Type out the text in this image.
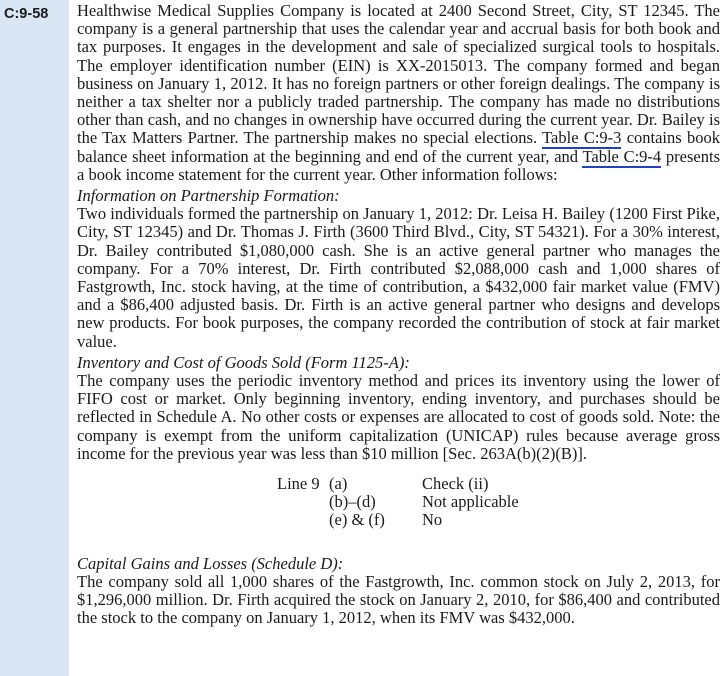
C:9-58 Healthwise Medical Supplies Company is located at 2400 Second Street, City, ST 12345. The company is a general partnership that uses the calendar year and accrual basis for both book and tax purposes. It engages in the development and sale of specialized surgical tools to hospitals. The employer identification number (EIN) is XX-2015013. The company formed and began business on January 1, 2012. It has no foreign partners or other foreign dealings. The company is neither a tax shelter nor a publicly traded partnership. The company has made no distributions other than cash, and no changes in ownership have occurred during the current year. Dr. Bailey is the Tax Matters Partner. The partnership makes no special elections. Table C:9-3 contains book balance sheet information at the beginning and end of the current year, and Table C:9-4 presents a book income statement for the current year. Other information follows:

Information on Partnership Formation:

Two individuals formed the partnership on January 1, 2012: Dr. Leisa H. Bailey (1200 First Pike, City, ST 12345) and Dr. Thomas J. Firth (3600 Third Blvd., City, ST 54321). For a 30% interest, Dr. Bailey contributed $1,080,000 cash. She is an active general partner who manages the company. For a 70% interest, Dr. Firth contributed $2,088,000 cash and 1,000 shares of Fastgrowth, Inc. stock having, at the time of contribution, a $432,000 fair market value (FMV) and a $86,400 adjusted basis. Dr. Firth is an active general partner who designs and develops new products. For book purposes, the company recorded the contribution of stock at fair market value.

Inventory and Cost of Goods Sold (Form 1125-A):

The company uses the periodic inventory method and prices its inventory using the lower of FIFO cost or market. Only beginning inventory, ending inventory, and purchases should be reflected in Schedule A. No other costs or expenses are allocated to cost of goods sold. Note: the company is exempt from the uniform capitalization (UNICAP) rules because average gross income for the previous year was less than $10 million [Sec. 263A(b)(2)(B)].

Line 9	(a)	Check (ii)
	(b)–(d)	Not applicable
	(e) & (f)	No

Capital Gains and Losses (Schedule D):

The company sold all 1,000 shares of the Fastgrowth, Inc. common stock on July 2, 2013, for $1,296,000 million. Dr. Firth acquired the stock on January 2, 2010, for $86,400 and contributed the stock to the company on January 1, 2012, when its FMV was $432,000.
